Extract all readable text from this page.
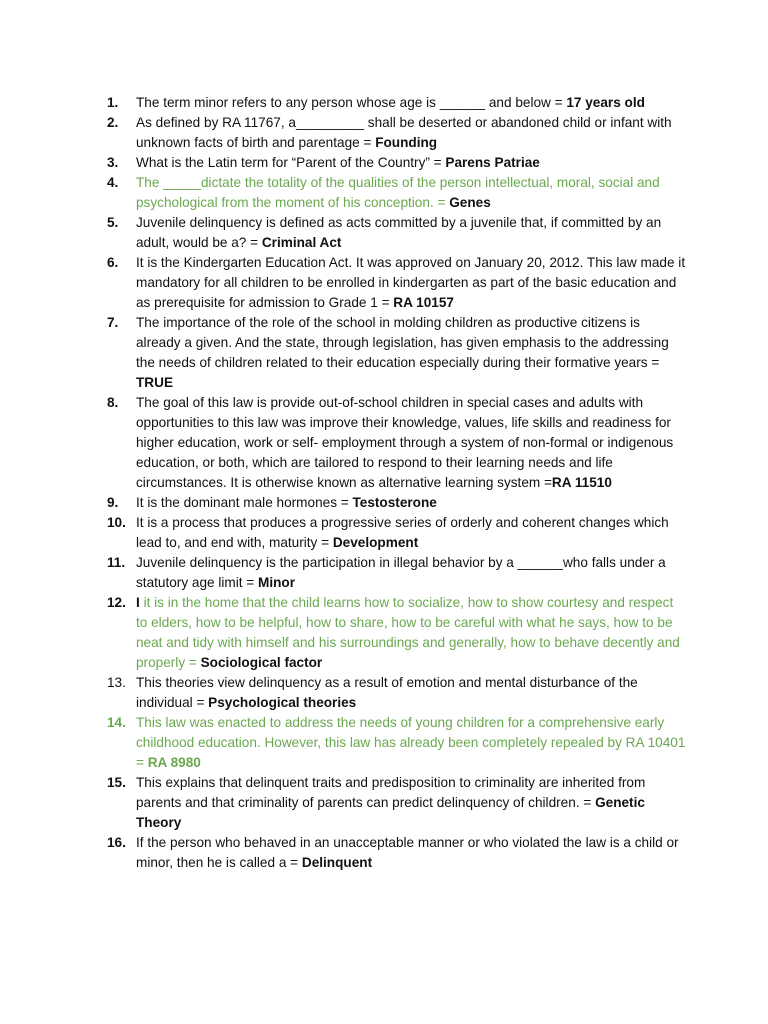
1.	The term minor refers to any person whose age is ______ and below = 17 years old
2.	As defined by RA 11767, a_________ shall be deserted or abandoned child or infant with unknown facts of birth and parentage = Founding
3.	What is the Latin term for “Parent of the Country” = Parens Patriae
4.	The _____dictate the totality of the qualities of the person intellectual, moral, social and psychological from the moment of his conception. = Genes
5.	Juvenile delinquency is defined as acts committed by a juvenile that, if committed by an adult, would be a? = Criminal Act
6.	It is the Kindergarten Education Act. It was approved on January 20, 2012. This law made it mandatory for all children to be enrolled in kindergarten as part of the basic education and as prerequisite for admission to Grade 1 = RA 10157
7.	The importance of the role of the school in molding children as productive citizens is already a given. And the state, through legislation, has given emphasis to the addressing the needs of children related to their education especially during their formative years = TRUE
8.	The goal of this law is provide out-of-school children in special cases and adults with opportunities to this law was improve their knowledge, values, life skills and readiness for higher education, work or self- employment through a system of non-formal or indigenous education, or both, which are tailored to respond to their learning needs and life circumstances. It is otherwise known as alternative learning system =RA 11510
9.	It is the dominant male hormones = Testosterone
10. It is a process that produces a progressive series of orderly and coherent changes which lead to, and end with, maturity = Development
11. Juvenile delinquency is the participation in illegal behavior by a ______who falls under a statutory age limit = Minor
12. I it is in the home that the child learns how to socialize, how to show courtesy and respect to elders, how to be helpful, how to share, how to be careful with what he says, how to be neat and tidy with himself and his surroundings and generally, how to behave decently and properly = Sociological factor
13. This theories view delinquency as a result of emotion and mental disturbance of the individual = Psychological theories
14. This law was enacted to address the needs of young children for a comprehensive early childhood education. However, this law has already been completely repealed by RA 10401 = RA 8980
15. This explains that delinquent traits and predisposition to criminality are inherited from parents and that criminality of parents can predict delinquency of children. = Genetic Theory
16. If the person who behaved in an unacceptable manner or who violated the law is a child or minor, then he is called a = Delinquent
